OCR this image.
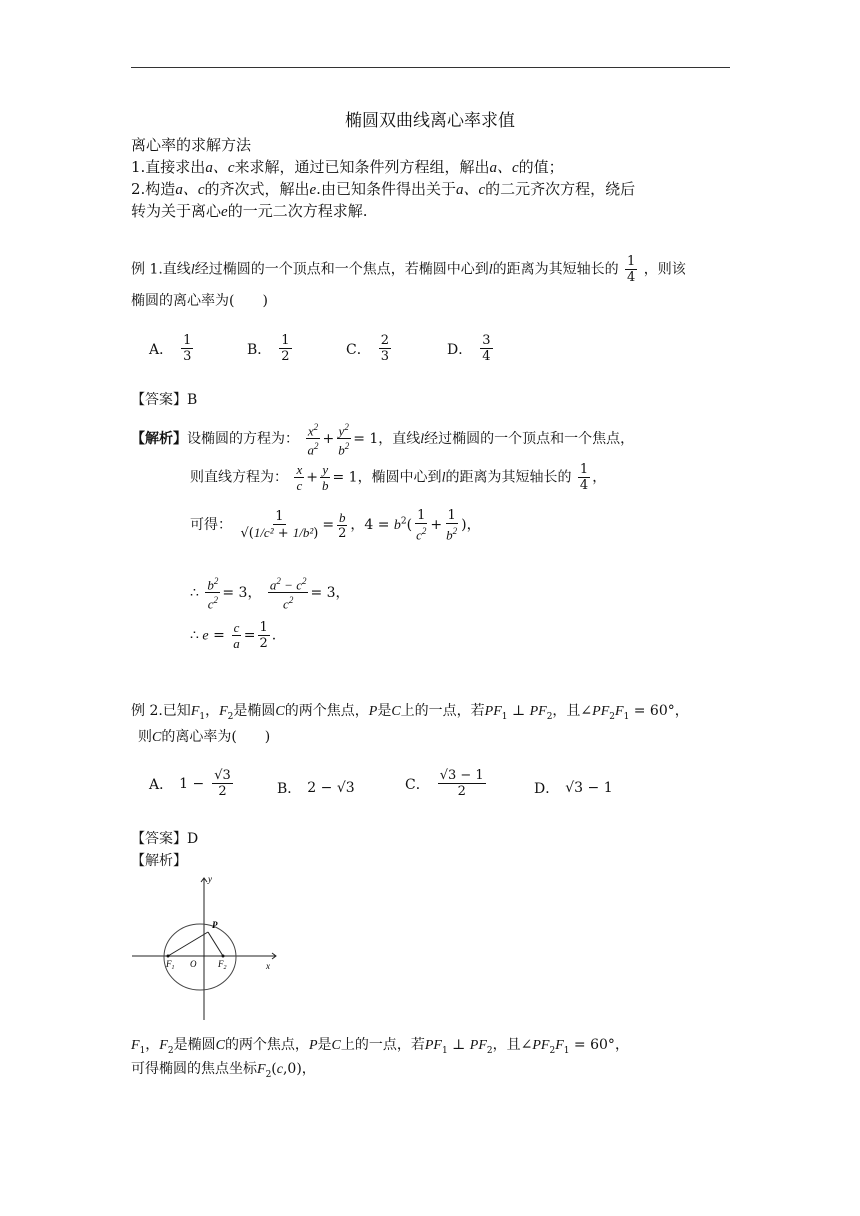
椭圆双曲线离心率求值
离心率的求解方法
1.直接求出a、c来求解，通过已知条件列方程组，解出a、c的值；
2.构造a、c的齐次式，解出e.由已知条件得出关于a、c的二元齐次方程，绕后
转为关于离心e的一元二次方程求解.
例 1.直线l经过椭圆的一个顶点和一个焦点，若椭圆中心到l的距离为其短轴长的 $\frac{1}{4}$ ，则该
椭圆的离心率为(　　)
A． $\frac{1}{3}$	B． $\frac{1}{2}$	C． $\frac{2}{3}$	D． $\frac{3}{4}$
【答案】B
【解析】设椭圆的方程为： $\frac{x^2}{a^2} + \frac{y^2}{b^2} = 1$，直线l经过椭圆的一个顶点和一个焦点，
则直线方程为： $\frac{x}{c} + \frac{y}{b} = 1$，椭圆中心到l的距离为其短轴长的 $\frac{1}{4}$ ，
可得： $\frac{1}{\text{√(1/c² + 1/b²)}} = \frac{b}{2}$ ，$4 = b^2( \frac{1}{c^2} + \frac{1}{b^2}$ )，
∴ $\frac{b^2}{c^2} = 3$， $\frac{a^2 - c^2}{c^2} = 3$，
∴ $e = \frac{c}{a} = \frac{1}{2}$ .
例 2.已知$F_1$，$F_2$是椭圆C的两个焦点，P是C上的一点，若$PF_1$ ⊥ $PF_2$，且$\angle PF_2F_1 = 60^\circ$，
则C的离心率为(　　)
A． $1 - \frac{√3}{2}$	B． 2 − √3	C． $\frac{√3 - 1}{2}$	D． √3 − 1
【答案】D
【解析】
y
x
P
O
$F_1$	$F_2$
$F_1$，$F_2$是椭圆C的两个焦点，P是C上的一点，若$PF_1$ ⊥ $PF_2$，且$\angle PF_2F_1 = 60^\circ$，
可得椭圆的焦点坐标$F_2(c,0)$，
